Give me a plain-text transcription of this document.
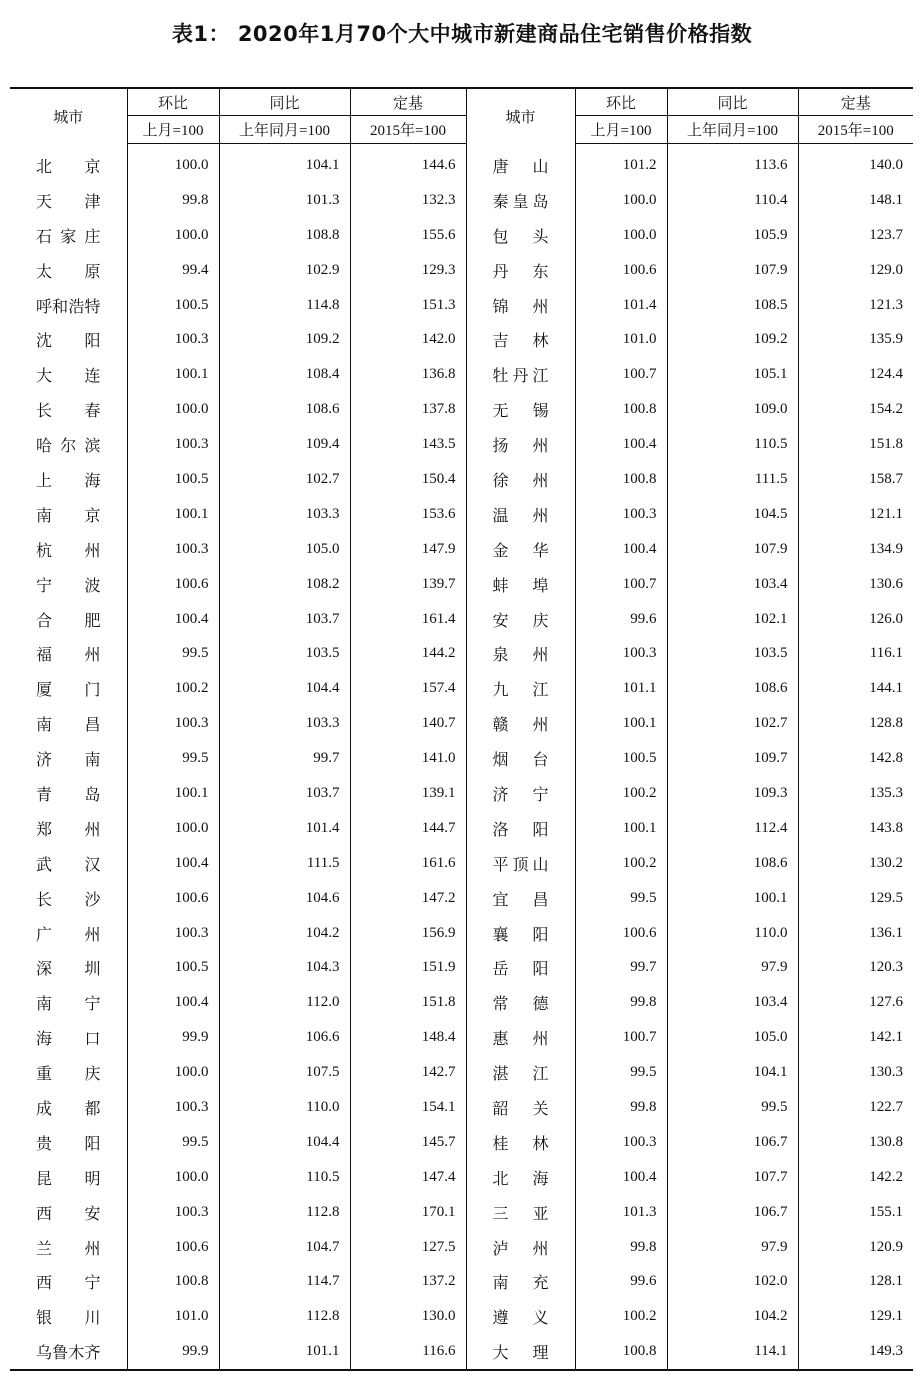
表1： 2020年1月70个大中城市新建商品住宅销售价格指数
城市	环比	同比	定基	城市	环比	同比	定基
	上月=100	上年同月=100	2015年=100		上月=100	上年同月=100	2015年=100
北京	100.0	104.1	144.6	唐山	101.2	113.6	140.0
天津	99.8	101.3	132.3	秦皇岛	100.0	110.4	148.1
石家庄	100.0	108.8	155.6	包头	100.0	105.9	123.7
太原	99.4	102.9	129.3	丹东	100.6	107.9	129.0
呼和浩特	100.5	114.8	151.3	锦州	101.4	108.5	121.3
沈阳	100.3	109.2	142.0	吉林	101.0	109.2	135.9
大连	100.1	108.4	136.8	牡丹江	100.7	105.1	124.4
长春	100.0	108.6	137.8	无锡	100.8	109.0	154.2
哈尔滨	100.3	109.4	143.5	扬州	100.4	110.5	151.8
上海	100.5	102.7	150.4	徐州	100.8	111.5	158.7
南京	100.1	103.3	153.6	温州	100.3	104.5	121.1
杭州	100.3	105.0	147.9	金华	100.4	107.9	134.9
宁波	100.6	108.2	139.7	蚌埠	100.7	103.4	130.6
合肥	100.4	103.7	161.4	安庆	99.6	102.1	126.0
福州	99.5	103.5	144.2	泉州	100.3	103.5	116.1
厦门	100.2	104.4	157.4	九江	101.1	108.6	144.1
南昌	100.3	103.3	140.7	赣州	100.1	102.7	128.8
济南	99.5	99.7	141.0	烟台	100.5	109.7	142.8
青岛	100.1	103.7	139.1	济宁	100.2	109.3	135.3
郑州	100.0	101.4	144.7	洛阳	100.1	112.4	143.8
武汉	100.4	111.5	161.6	平顶山	100.2	108.6	130.2
长沙	100.6	104.6	147.2	宜昌	99.5	100.1	129.5
广州	100.3	104.2	156.9	襄阳	100.6	110.0	136.1
深圳	100.5	104.3	151.9	岳阳	99.7	97.9	120.3
南宁	100.4	112.0	151.8	常德	99.8	103.4	127.6
海口	99.9	106.6	148.4	惠州	100.7	105.0	142.1
重庆	100.0	107.5	142.7	湛江	99.5	104.1	130.3
成都	100.3	110.0	154.1	韶关	99.8	99.5	122.7
贵阳	99.5	104.4	145.7	桂林	100.3	106.7	130.8
昆明	100.0	110.5	147.4	北海	100.4	107.7	142.2
西安	100.3	112.8	170.1	三亚	101.3	106.7	155.1
兰州	100.6	104.7	127.5	泸州	99.8	97.9	120.9
西宁	100.8	114.7	137.2	南充	99.6	102.0	128.1
银川	101.0	112.8	130.0	遵义	100.2	104.2	129.1
乌鲁木齐	99.9	101.1	116.6	大理	100.8	114.1	149.3
